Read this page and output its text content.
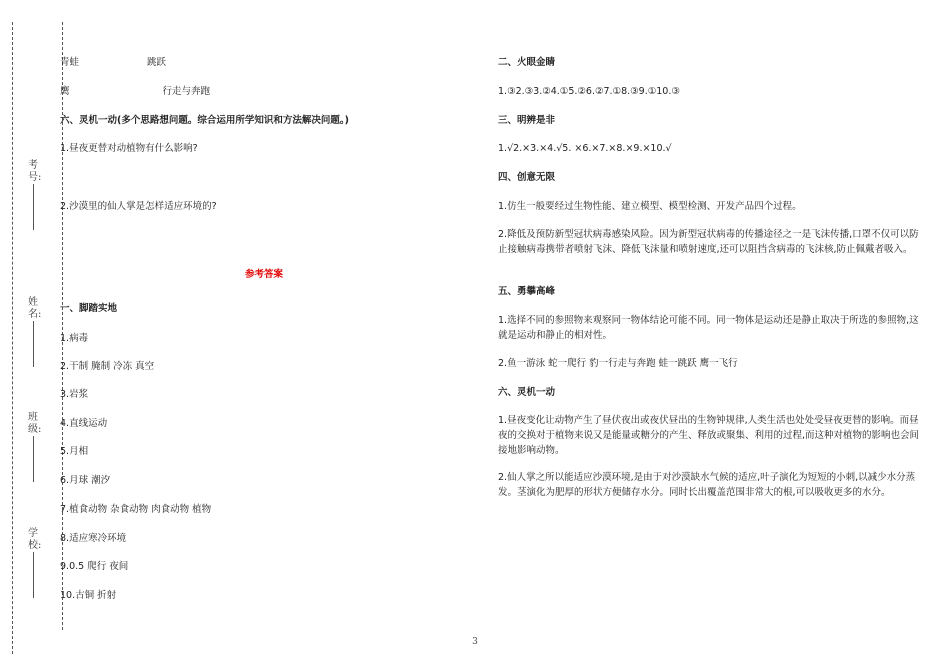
考号:
姓名:
班级:
学校:
青蛙	跳跃
鹰	行走与奔跑
六、灵机一动(多个思路想问题。综合运用所学知识和方法解决问题。)
1.昼夜更替对动植物有什么影响?
2.沙漠里的仙人掌是怎样适应环境的?
参考答案
一、脚踏实地
1.病毒
2.干制 腌制 冷冻 真空
3.岩浆
4.直线运动
5.月相
6.月球 潮汐
7.植食动物 杂食动物 肉食动物 植物
8.适应寒冷环境
9.0.5 爬行 夜间
10.古铜 折射
二、火眼金睛
1.③2.③3.②4.①5.②6.②7.①8.③9.①10.③
三、明辨是非
1.√2.×3.×4.√5. ×6.×7.×8.×9.×10.√
四、创意无限
1.仿生一般要经过生物性能、建立模型、模型检测、开发产品四个过程。
2.降低及预防新型冠状病毒感染风险。因为新型冠状病毒的传播途径之一是飞沫传播,口罩不仅可以防止接触病毒携带者喷射飞沫、降低飞沫量和喷射速度,还可以阻挡含病毒的飞沫核,防止佩戴者吸入。
五、勇攀高峰
1.选择不同的参照物来观察同一物体结论可能不同。同一物体是运动还是静止取决于所选的参照物,这就是运动和静止的相对性。
2.鱼一游泳 蛇一爬行 豹一行走与奔跑 蛙一跳跃 鹰一飞行
六、灵机一动
1.昼夜变化让动物产生了昼伏夜出或夜伏昼出的生物钟规律,人类生活也处处受昼夜更替的影响。而昼夜的交换对于植物来说又是能量或糖分的产生、释放或聚集、利用的过程,而这种对植物的影响也会间接地影响动物。
2.仙人掌之所以能适应沙漠环境,是由于对沙漠缺水气候的适应,叶子演化为短短的小刺,以减少水分蒸发。茎演化为肥厚的形状方便储存水分。同时长出覆盖范围非常大的根,可以吸收更多的水分。
3
